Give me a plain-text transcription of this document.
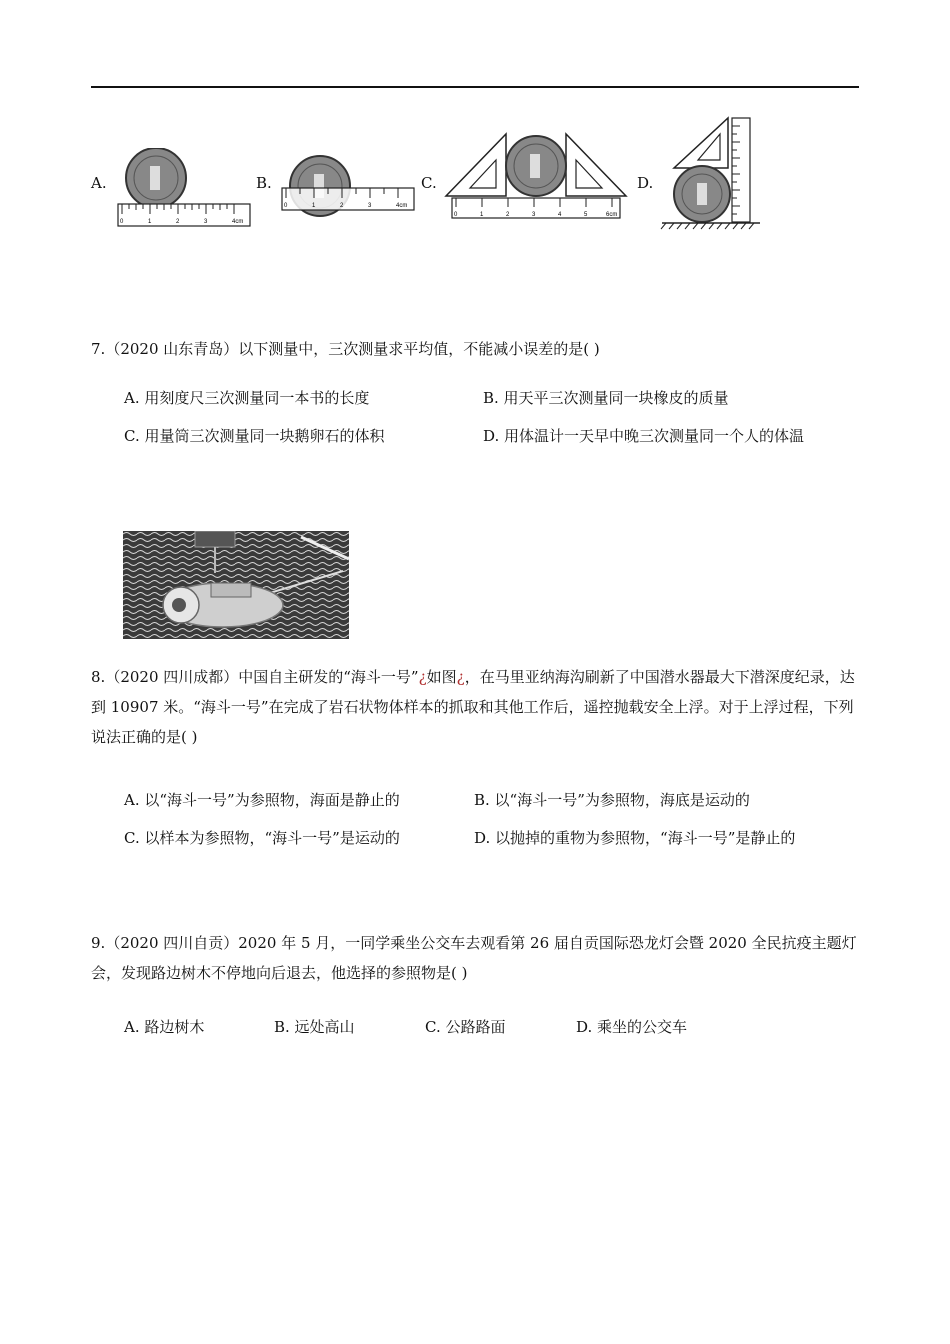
A.
0	1	2	3	4cm
B.
0	1	2	3	4cm
C.
0	1	2	3	4	5	6cm
D.
7.（2020 山东青岛）以下测量中，三次测量求平均值，不能减小误差的是( )
A. 用刻度尺三次测量同一本书的长度	B. 用天平三次测量同一块橡皮的质量
C. 用量筒三次测量同一块鹅卵石的体积	D. 用体温计一天早中晚三次测量同一个人的体温
8.（2020 四川成都）中国自主研发的“海斗一号”¿如图¿，在马里亚纳海沟刷新了中国潜水器最大下潜深度纪录，达到 10907 米。“海斗一号”在完成了岩石状物体样本的抓取和其他工作后，遥控抛载安全上浮。对于上浮过程，下列说法正确的是( )
A. 以“海斗一号”为参照物，海面是静止的	B. 以“海斗一号”为参照物，海底是运动的
C. 以样本为参照物，“海斗一号”是运动的	D. 以抛掉的重物为参照物，“海斗一号”是静止的
9.（2020 四川自贡）2020 年 5 月，一同学乘坐公交车去观看第 26 届自贡国际恐龙灯会暨 2020 全民抗疫主题灯会，发现路边树木不停地向后退去，他选择的参照物是( )
A. 路边树木	B. 远处高山	C. 公路路面	D. 乘坐的公交车
